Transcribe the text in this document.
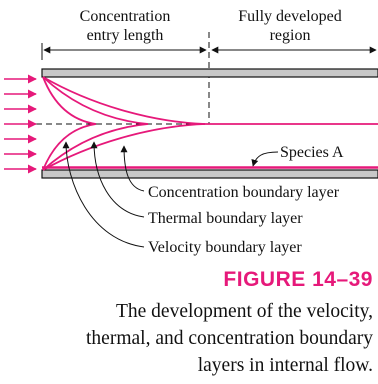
Concentration
entry length
Fully developed
region
Species A
Concentration boundary layer
Thermal boundary layer
Velocity boundary layer
FIGURE 14–39
The development of the velocity,
thermal, and concentration boundary
layers in internal flow.
